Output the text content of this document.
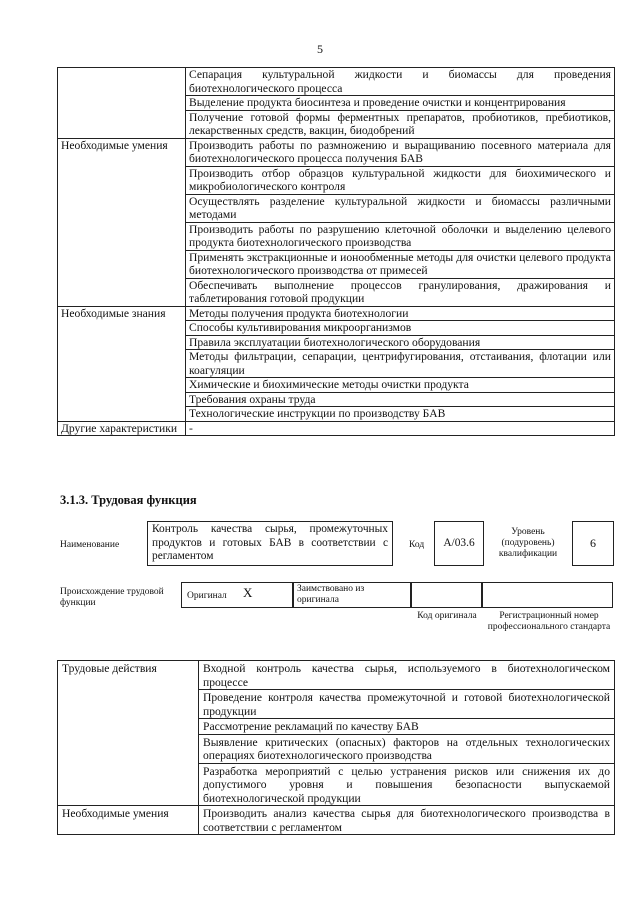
5
	Сепарация культуральной жидкости и биомассы для проведения биотехнологического процесса
	Выделение продукта биосинтеза и проведение очистки и концентрирования
	Получение готовой формы ферментных препаратов, пробиотиков, пребиотиков, лекарственных средств, вакцин, биодобрений
Необходимые умения	Производить работы по размножению и выращиванию посевного материала для биотехнологического процесса получения БАВ
	Производить отбор образцов культуральной жидкости для биохимического и микробиологического контроля
	Осуществлять разделение культуральной жидкости и биомассы различными методами
	Производить работы по разрушению клеточной оболочки и выделению целевого продукта биотехнологического производства
	Применять экстракционные и ионообменные методы для очистки целевого продукта биотехнологического производства от примесей
	Обеспечивать выполнение процессов гранулирования, дражирования и таблетирования готовой продукции
Необходимые знания	Методы получения продукта биотехнологии
	Способы культивирования микроорганизмов
	Правила эксплуатации биотехнологического оборудования
	Методы фильтрации, сепарации, центрифугирования, отстаивания, флотации или коагуляции
	Химические и биохимические методы очистки продукта
	Требования охраны труда
	Технологические инструкции по производству БАВ
Другие характеристики	-
3.1.3. Трудовая функция
Наименование
Контроль качества сырья, промежуточных продуктов и готовых БАВ в соответствии с регламентом
Код	А/03.6
Уровень (подуровень) квалификации
6
Происхождение трудовой функции
Оригинал X	Заимствовано из оригинала
Код оригинала	Регистрационный номер профессионального стандарта
Трудовые действия	Входной контроль качества сырья, используемого в биотехнологическом процессе
	Проведение контроля качества промежуточной и готовой биотехнологической продукции
	Рассмотрение рекламаций по качеству БАВ
	Выявление критических (опасных) факторов на отдельных технологических операциях биотехнологического производства
	Разработка мероприятий с целью устранения рисков или снижения их до допустимого уровня и повышения безопасности выпускаемой биотехнологической продукции
Необходимые умения	Производить анализ качества сырья для биотехнологического производства в соответствии с регламентом
